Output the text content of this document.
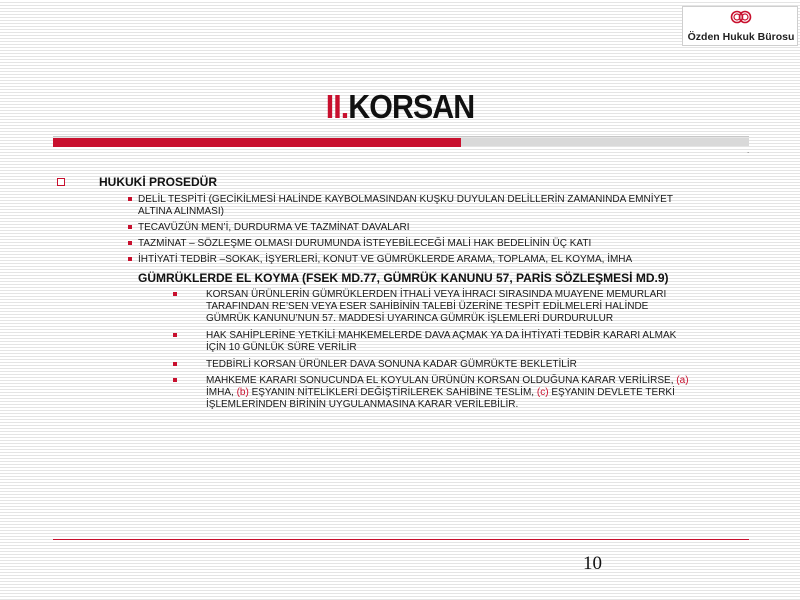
Özden Hukuk Bürosu
II.KORSAN
.
HUKUKİ PROSEDÜR
DELİL TESPİTİ (GECİKİLMESİ HALİNDE KAYBOLMASINDAN KUŞKU DUYULAN DELİLLERİN ZAMANINDA EMNİYET
ALTINA ALINMASI)
TECAVÜZÜN MEN’İ, DURDURMA VE TAZMİNAT DAVALARI
TAZMİNAT – SÖZLEŞME OLMASI DURUMUNDA İSTEYEBİLECEĞİ MALİ HAK BEDELİNİN ÜÇ KATI
İHTİYATİ TEDBİR –SOKAK, İŞYERLERİ, KONUT VE GÜMRÜKLERDE ARAMA, TOPLAMA, EL KOYMA, İMHA
GÜMRÜKLERDE EL KOYMA (FSEK MD.77, GÜMRÜK KANUNU 57, PARİS SÖZLEŞMESİ MD.9)
KORSAN ÜRÜNLERİN GÜMRÜKLERDEN İTHALİ VEYA İHRACI SIRASINDA MUAYENE MEMURLARI
TARAFINDAN RE’SEN VEYA ESER SAHİBİNİN TALEBİ ÜZERİNE TESPİT EDİLMELERİ HALİNDE
GÜMRÜK KANUNU’NUN 57. MADDESİ UYARINCA GÜMRÜK İŞLEMLERİ DURDURULUR
HAK SAHİPLERİNE YETKİLİ MAHKEMELERDE DAVA AÇMAK YA DA İHTİYATİ TEDBİR KARARI ALMAK
İÇİN 10 GÜNLÜK SÜRE VERİLİR
TEDBİRLİ KORSAN ÜRÜNLER DAVA SONUNA KADAR GÜMRÜKTE BEKLETİLİR
MAHKEME KARARI SONUCUNDA EL KOYULAN ÜRÜNÜN KORSAN OLDUĞUNA KARAR VERİLİRSE, (a)
İMHA, (b) EŞYANIN NİTELİKLERİ DEĞİŞTİRİLEREK SAHİBİNE TESLİM, (c) EŞYANIN DEVLETE TERKİ
İŞLEMLERİNDEN BİRİNİN UYGULANMASINA KARAR VERİLEBİLİR.
10
